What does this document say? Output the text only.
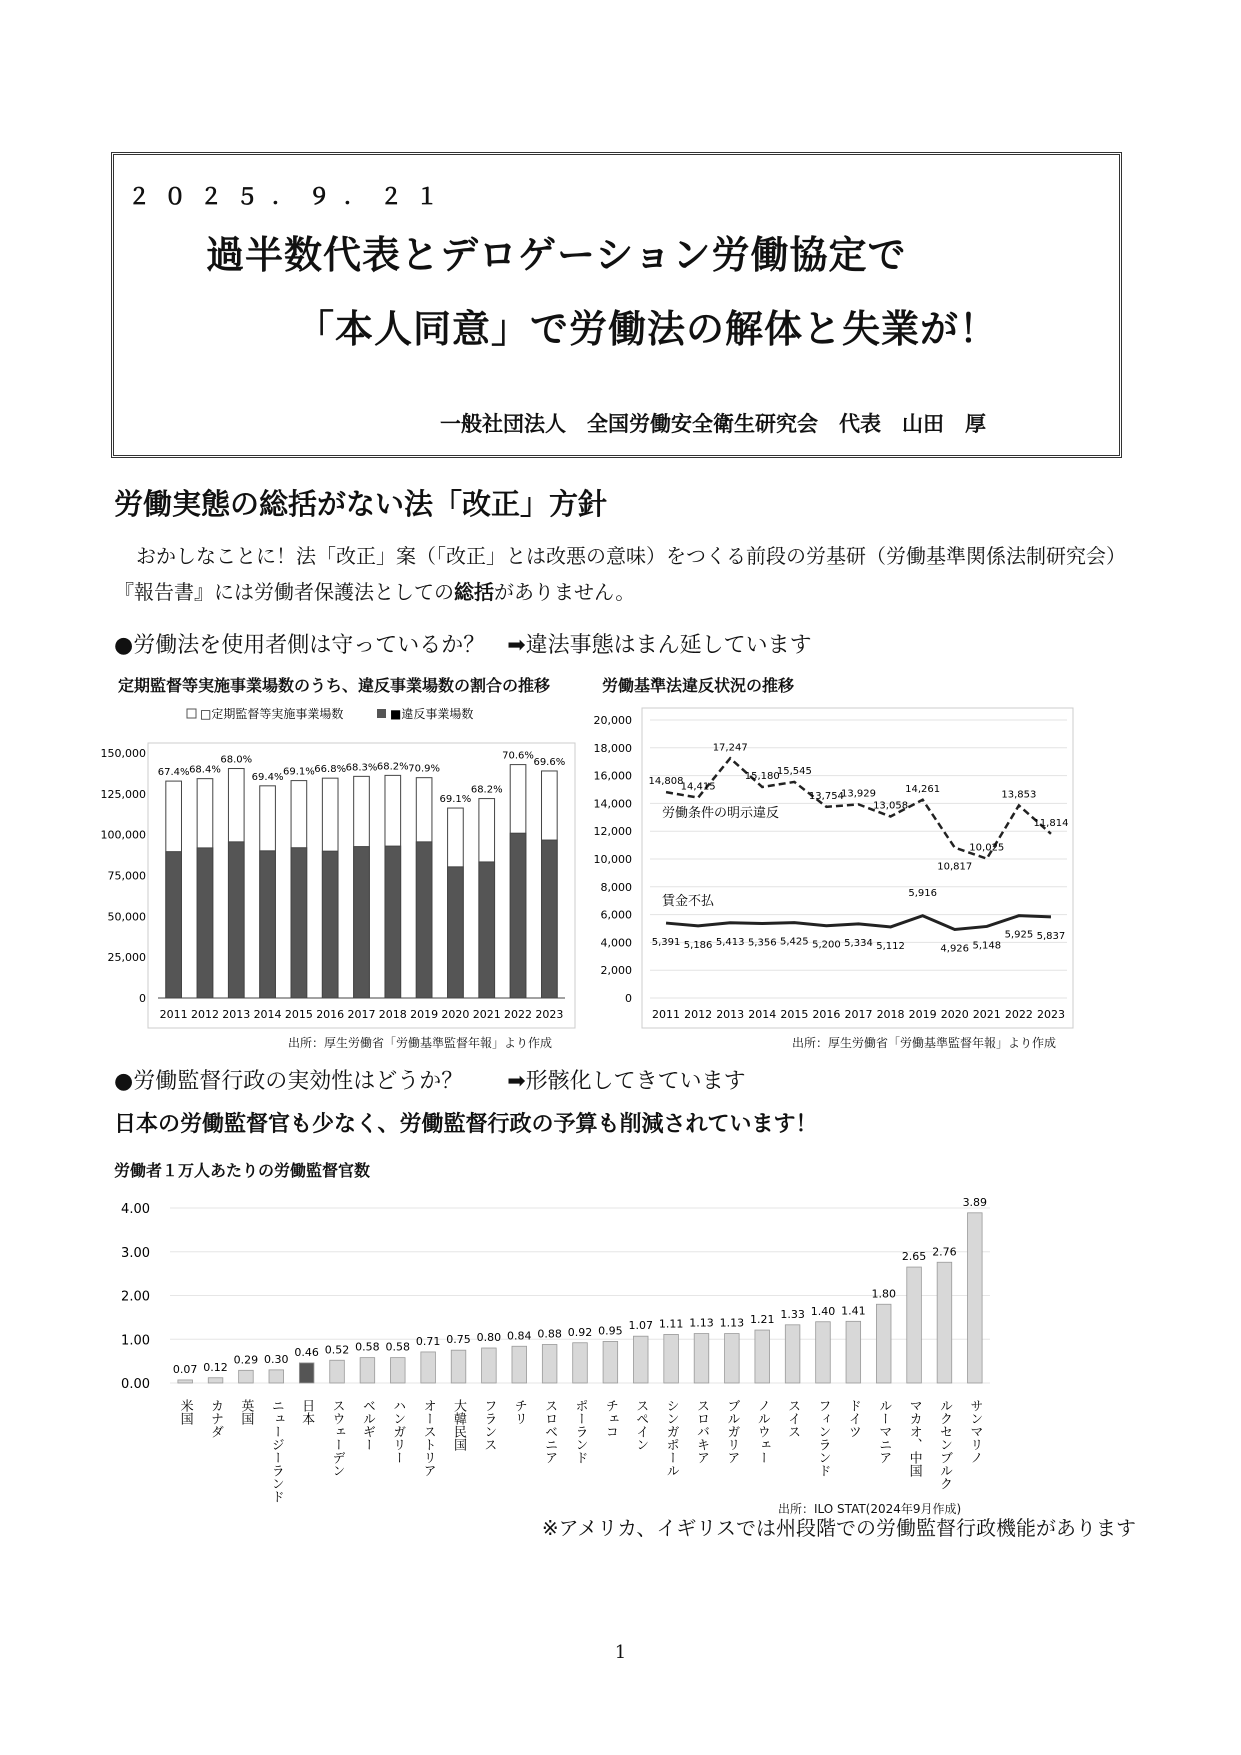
２０２５．９．２１
過半数代表とデロゲーション労働協定で
「本人同意」で労働法の解体と失業が！
一般社団法人　全国労働安全衛生研究会　代表　山田　厚
労働実態の総括がない法「改正」方針
おかしなことに！法「改正」案（「改正」とは改悪の意味）をつくる前段の労基研（労働基準関係法制研究会）『報告書』には労働者保護法としての総括がありません。
●労働法を使用者側は守っているか？　➡違法事態はまん延しています
定期監督等実施事業場数のうち、違反事業場数の割合の推移	労働基準法違反状況の推移
□定期監督等実施事業場数	■違反事業場数
0
25,000
50,000
75,000
100,000
125,000
150,000
67.4%
2011
68.4%
2012
68.0%
2013
69.4%
2014
69.1%
2015
66.8%
2016
68.3%
2017
68.2%
2018
70.9%
2019
69.1%
2020
68.2%
2021
70.6%
2022
69.6%
2023
出所：厚生労働省「労働基準監督年報」より作成
0
2,000
4,000
6,000
8,000
10,000
12,000
14,000
16,000
18,000
20,000
2011 2012 2013 2014 2015 2016 2017 2018 2019 2020 2021 2022 2023
労働条件の明示違反
賃金不払
14,808
14,415
17,247
15,180
15,545
13,754
13,929
13,058
14,261
10,817
10,025
13,853
11,814
5,391 5,186 5,413 5,356 5,425 5,200 5,334 5,112
5,916
4,926 5,148
5,925 5,837
出所：厚生労働省「労働基準監督年報」より作成
●労働監督行政の実効性はどうか？　　➡形骸化してきています
日本の労働監督官も少なく、労働監督行政の予算も削減されています！
労働者１万人あたりの労働監督官数
0.00
1.00
2.00
3.00
4.00
0.07
米国
0.12
カナダ
0.29
英国
0.30
ニュージーランド
0.46
日本
0.52
スウェーデン
0.58
ベルギー
0.58
ハンガリー
0.71
オーストリア
0.75
大韓民国
0.80
フランス
0.84
チリ
0.88
スロベニア
0.92
ポーランド
0.95
チェコ
1.07
スペイン
1.11
シンガポール
1.13
スロバキア
1.13
ブルガリア
1.21
ノルウェー
1.33
スイス
1.40
フィンランド
1.41
ドイツ
1.80
ルーマニア
2.65
マカオ、中国
2.76
ルクセンブルク
3.89
サンマリノ
出所：ILO STAT(2024年9月作成)
※アメリカ、イギリスでは州段階での労働監督行政機能があります
1
